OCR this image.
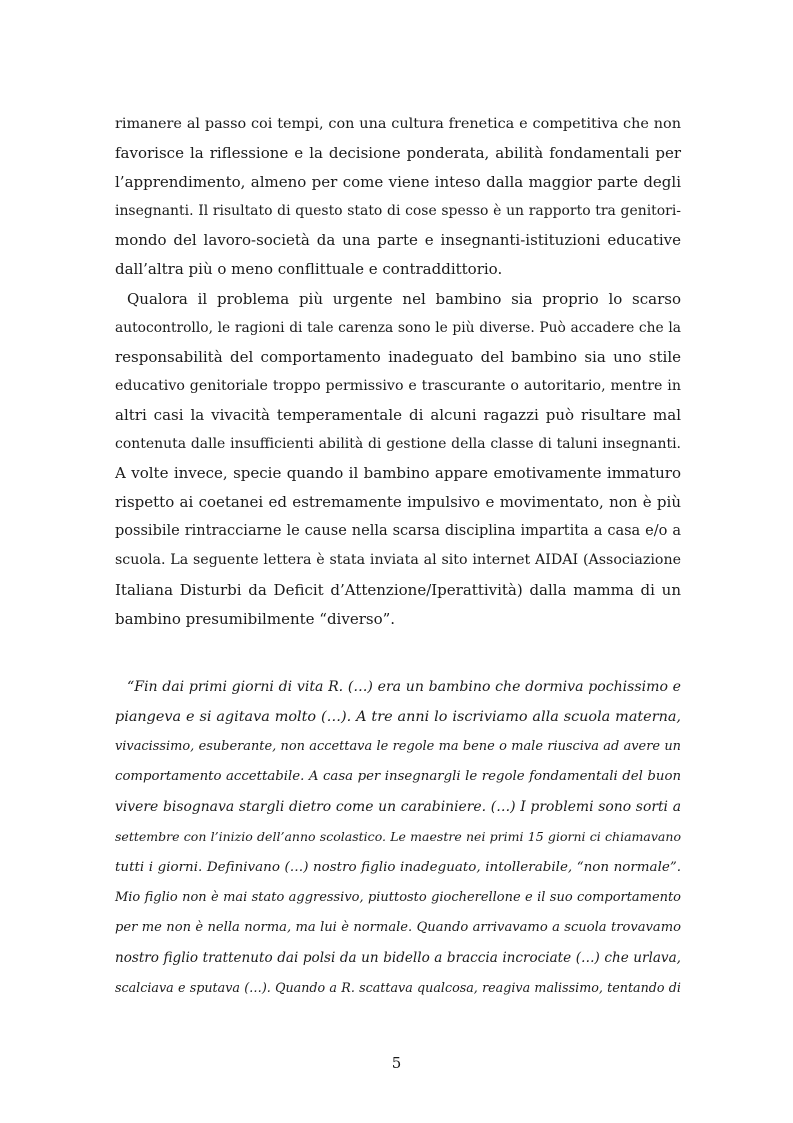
rimanere al passo coi tempi, con una cultura frenetica e competitiva che non
favorisce la riflessione e la decisione ponderata, abilità fondamentali per
l’apprendimento, almeno per come viene inteso dalla maggior parte degli
insegnanti. Il risultato di questo stato di cose spesso è un rapporto tra genitori-
mondo del lavoro-società da una parte e insegnanti-istituzioni educative
dall’altra più o meno conflittuale e contraddittorio.

Qualora il problema più urgente nel bambino sia proprio lo scarso
autocontrollo, le ragioni di tale carenza sono le più diverse. Può accadere che la
responsabilità del comportamento inadeguato del bambino sia uno stile
educativo genitoriale troppo permissivo e trascurante o autoritario, mentre in
altri casi la vivacità temperamentale di alcuni ragazzi può risultare mal
contenuta dalle insufficienti abilità di gestione della classe di taluni insegnanti.
A volte invece, specie quando il bambino appare emotivamente immaturo
rispetto ai coetanei ed estremamente impulsivo e movimentato, non è più
possibile rintracciarne le cause nella scarsa disciplina impartita a casa e/o a
scuola. La seguente lettera è stata inviata al sito internet AIDAI (Associazione
Italiana Disturbi da Deficit d’Attenzione/Iperattività) dalla mamma di un
bambino presumibilmente “diverso”.

“Fin dai primi giorni di vita R. (…) era un bambino che dormiva pochissimo e
piangeva e si agitava molto (…). A tre anni lo iscriviamo alla scuola materna,
vivacissimo, esuberante, non accettava le regole ma bene o male riusciva ad avere un
comportamento accettabile. A casa per insegnargli le regole fondamentali del buon
vivere bisognava stargli dietro come un carabiniere. (…) I problemi sono sorti a
settembre con l’inizio dell’anno scolastico. Le maestre nei primi 15 giorni ci chiamavano
tutti i giorni. Definivano (…) nostro figlio inadeguato, intollerabile, “non normale”.
Mio figlio non è mai stato aggressivo, piuttosto giocherellone e il suo comportamento
per me non è nella norma, ma lui è normale. Quando arrivavamo a scuola trovavamo
nostro figlio trattenuto dai polsi da un bidello a braccia incrociate (…) che urlava,
scalciava e sputava (…). Quando a R. scattava qualcosa, reagiva malissimo, tentando di

5
